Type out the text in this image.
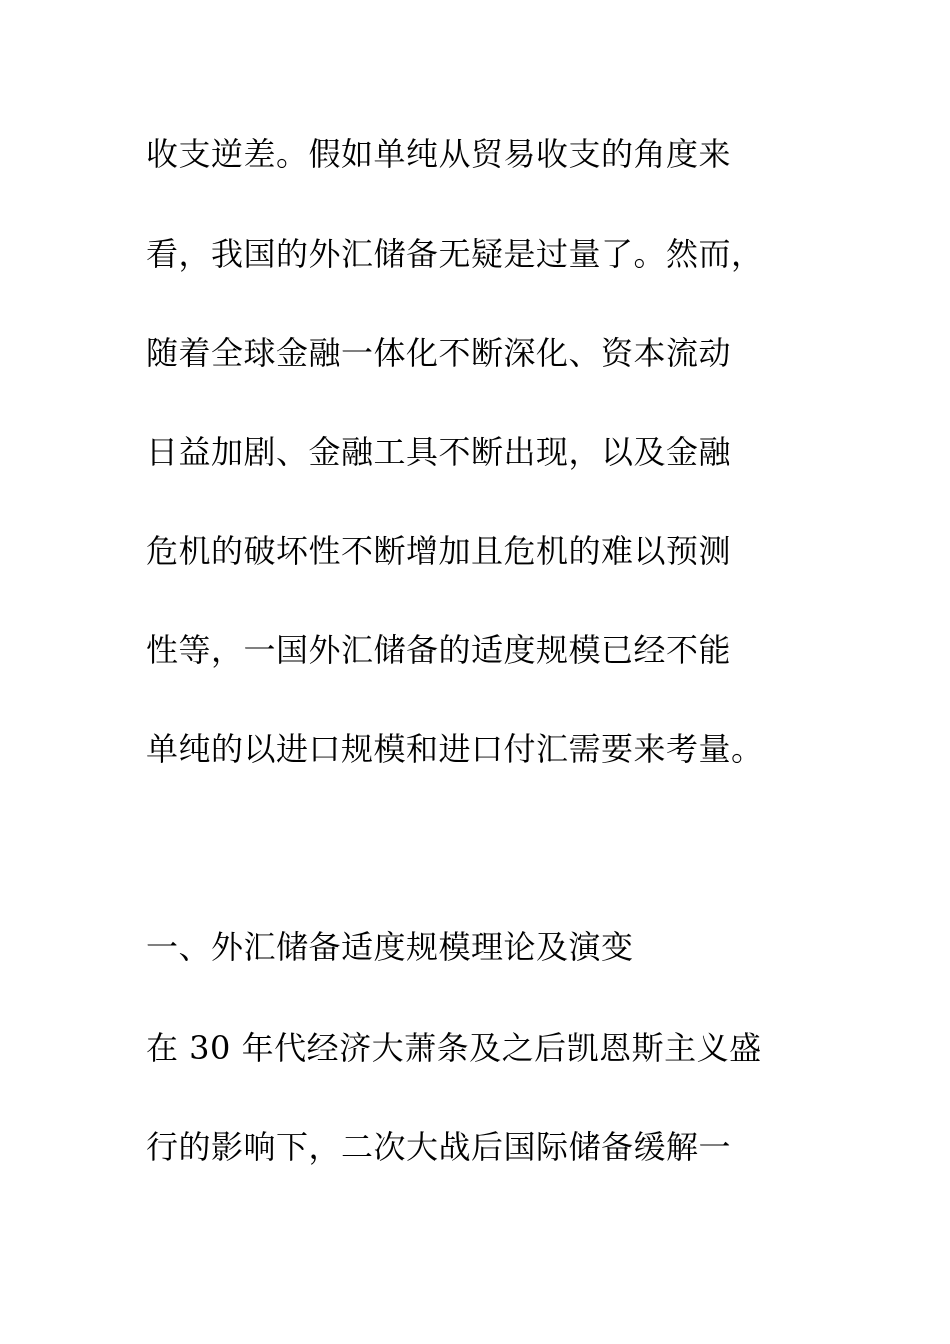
收支逆差。假如单纯从贸易收支的角度来
看，我国的外汇储备无疑是过量了。然而，
随着全球金融一体化不断深化、资本流动
日益加剧、金融工具不断出现，以及金融
危机的破坏性不断增加且危机的难以预测
性等，一国外汇储备的适度规模已经不能
单纯的以进口规模和进口付汇需要来考量。
一、外汇储备适度规模理论及演变
在 30 年代经济大萧条及之后凯恩斯主义盛
行的影响下，二次大战后国际储备缓解一
